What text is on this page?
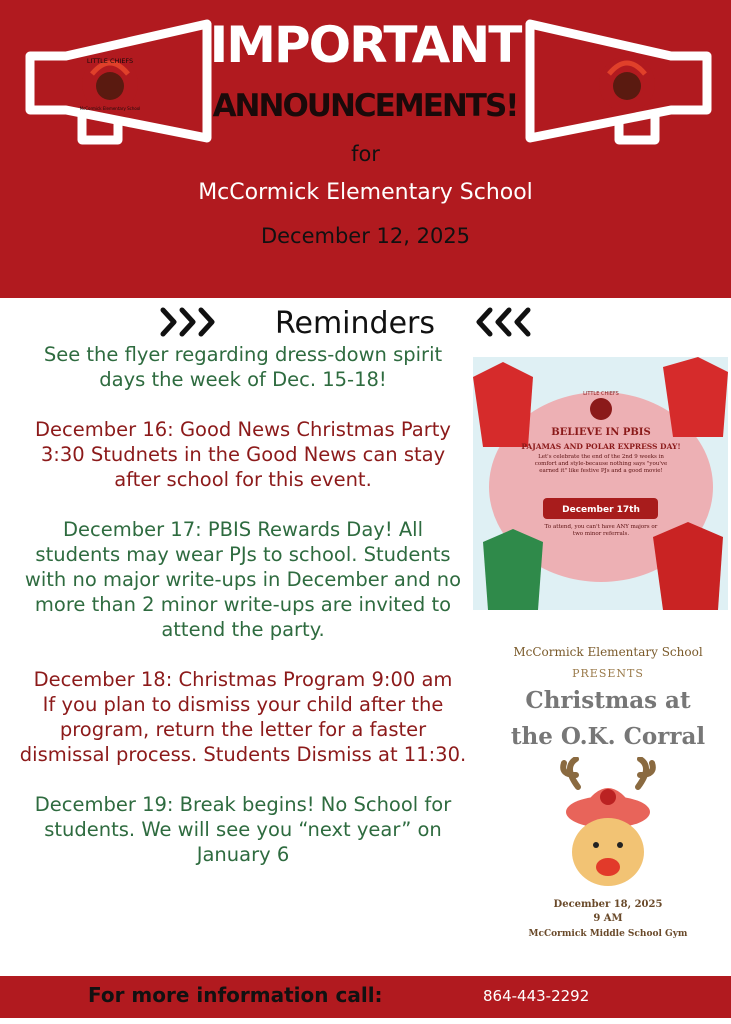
LITTLE CHIEFS
McCormick Elementary School
IMPORTANT
ANNOUNCEMENTS!
for
McCormick Elementary School
December 12, 2025
Reminders

See the flyer regarding dress-down spirit days the week of Dec. 15-18!

December 16: Good News Christmas Party 3:30 Studnets in the Good News can stay after school for this event.

December 17: PBIS Rewards Day! All students may wear PJs to school. Students with no major write-ups in December and no more than 2 minor write-ups are invited to attend the party.

December 18: Christmas Program 9:00 am

If you plan to dismiss your child after the program, return the letter for a faster dismissal process. Students Dismiss at 11:30.

December 19: Break begins! No School for students. We will see you “next year” on January 6

LITTLE CHIEFS
BELIEVE IN PBIS
PAJAMAS AND POLAR EXPRESS DAY!
Let's celebrate the end of the 2nd 9 weeks in comfort and style-because nothing says "you've earned it" like festive PJs and a good movie!
December 17th
To attend, you can't have ANY majors or two minor referrals.
McCormick Elementary School
PRESENTS
Christmas at
the O.K. Corral
December 18, 2025
9 AM
McCormick Middle School Gym
For more information call:	864-443-2292
